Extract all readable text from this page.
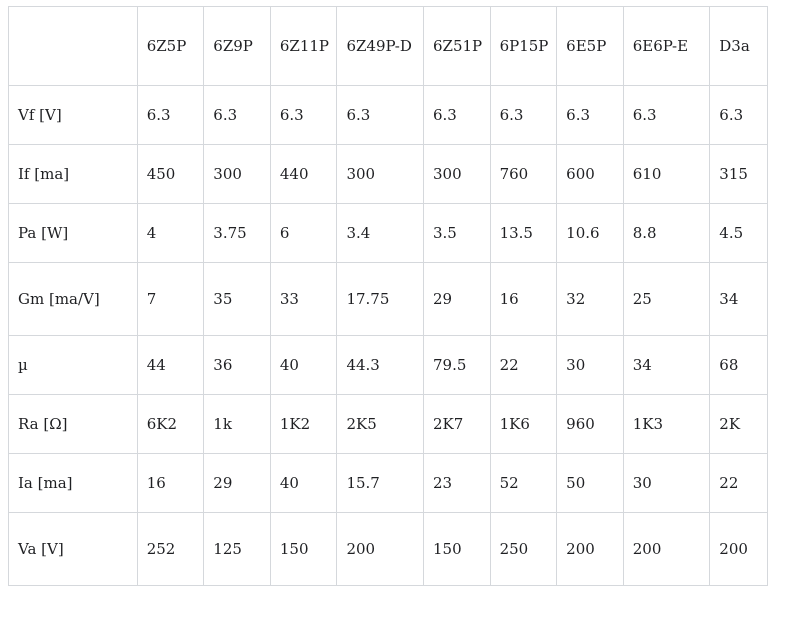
	6Z5P	6Z9P	6Z11P	6Z49P-D	6Z51P	6P15P	6E5P	6E6P-E	D3a
Vf [V]	6.3	6.3	6.3	6.3	6.3	6.3	6.3	6.3	6.3
If [ma]	450	300	440	300	300	760	600	610	315
Pa [W]	4	3.75	6	3.4	3.5	13.5	10.6	8.8	4.5
Gm [ma/V]	7	35	33	17.75	29	16	32	25	34
µ	44	36	40	44.3	79.5	22	30	34	68
Ra [Ω]	6K2	1k	1K2	2K5	2K7	1K6	960	1K3	2K
Ia [ma]	16	29	40	15.7	23	52	50	30	22
Va [V]	252	125	150	200	150	250	200	200	200
